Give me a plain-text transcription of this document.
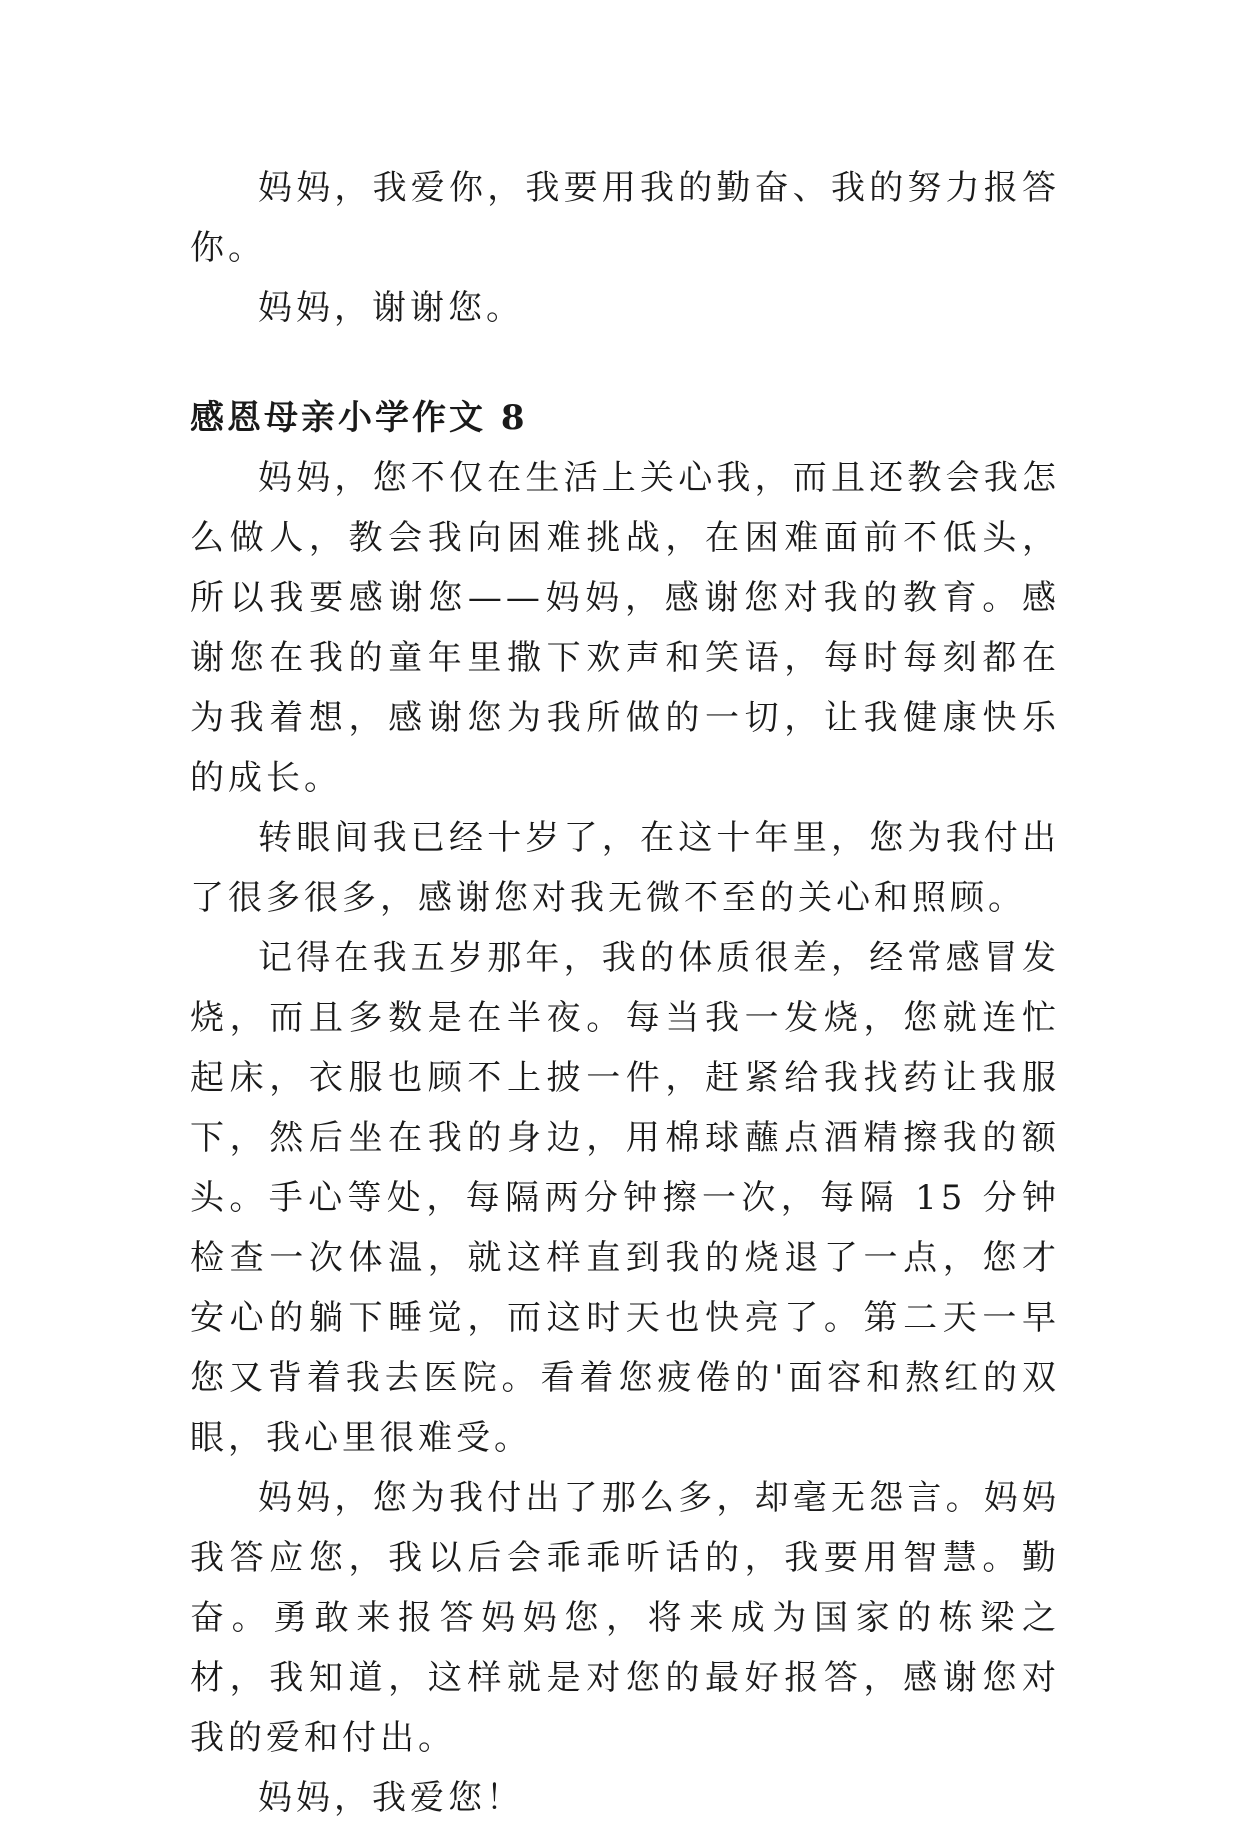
妈妈，我爱你，我要用我的勤奋、我的努力报答你。

妈妈，谢谢您。

感恩母亲小学作文 8

妈妈，您不仅在生活上关心我，而且还教会我怎么做人，教会我向困难挑战，在困难面前不低头，所以我要感谢您——妈妈，感谢您对我的教育。感谢您在我的童年里撒下欢声和笑语，每时每刻都在为我着想，感谢您为我所做的一切，让我健康快乐的成长。

转眼间我已经十岁了，在这十年里，您为我付出了很多很多，感谢您对我无微不至的关心和照顾。

记得在我五岁那年，我的体质很差，经常感冒发烧，而且多数是在半夜。每当我一发烧，您就连忙起床，衣服也顾不上披一件，赶紧给我找药让我服下，然后坐在我的身边，用棉球蘸点酒精擦我的额头。手心等处，每隔两分钟擦一次，每隔 15 分钟检查一次体温，就这样直到我的烧退了一点，您才安心的躺下睡觉，而这时天也快亮了。第二天一早您又背着我去医院。看着您疲倦的'面容和熬红的双眼，我心里很难受。

妈妈，您为我付出了那么多，却毫无怨言。妈妈我答应您，我以后会乖乖听话的，我要用智慧。勤奋。勇敢来报答妈妈您，将来成为国家的栋梁之材，我知道，这样就是对您的最好报答，感谢您对我的爱和付出。

妈妈，我爱您！
